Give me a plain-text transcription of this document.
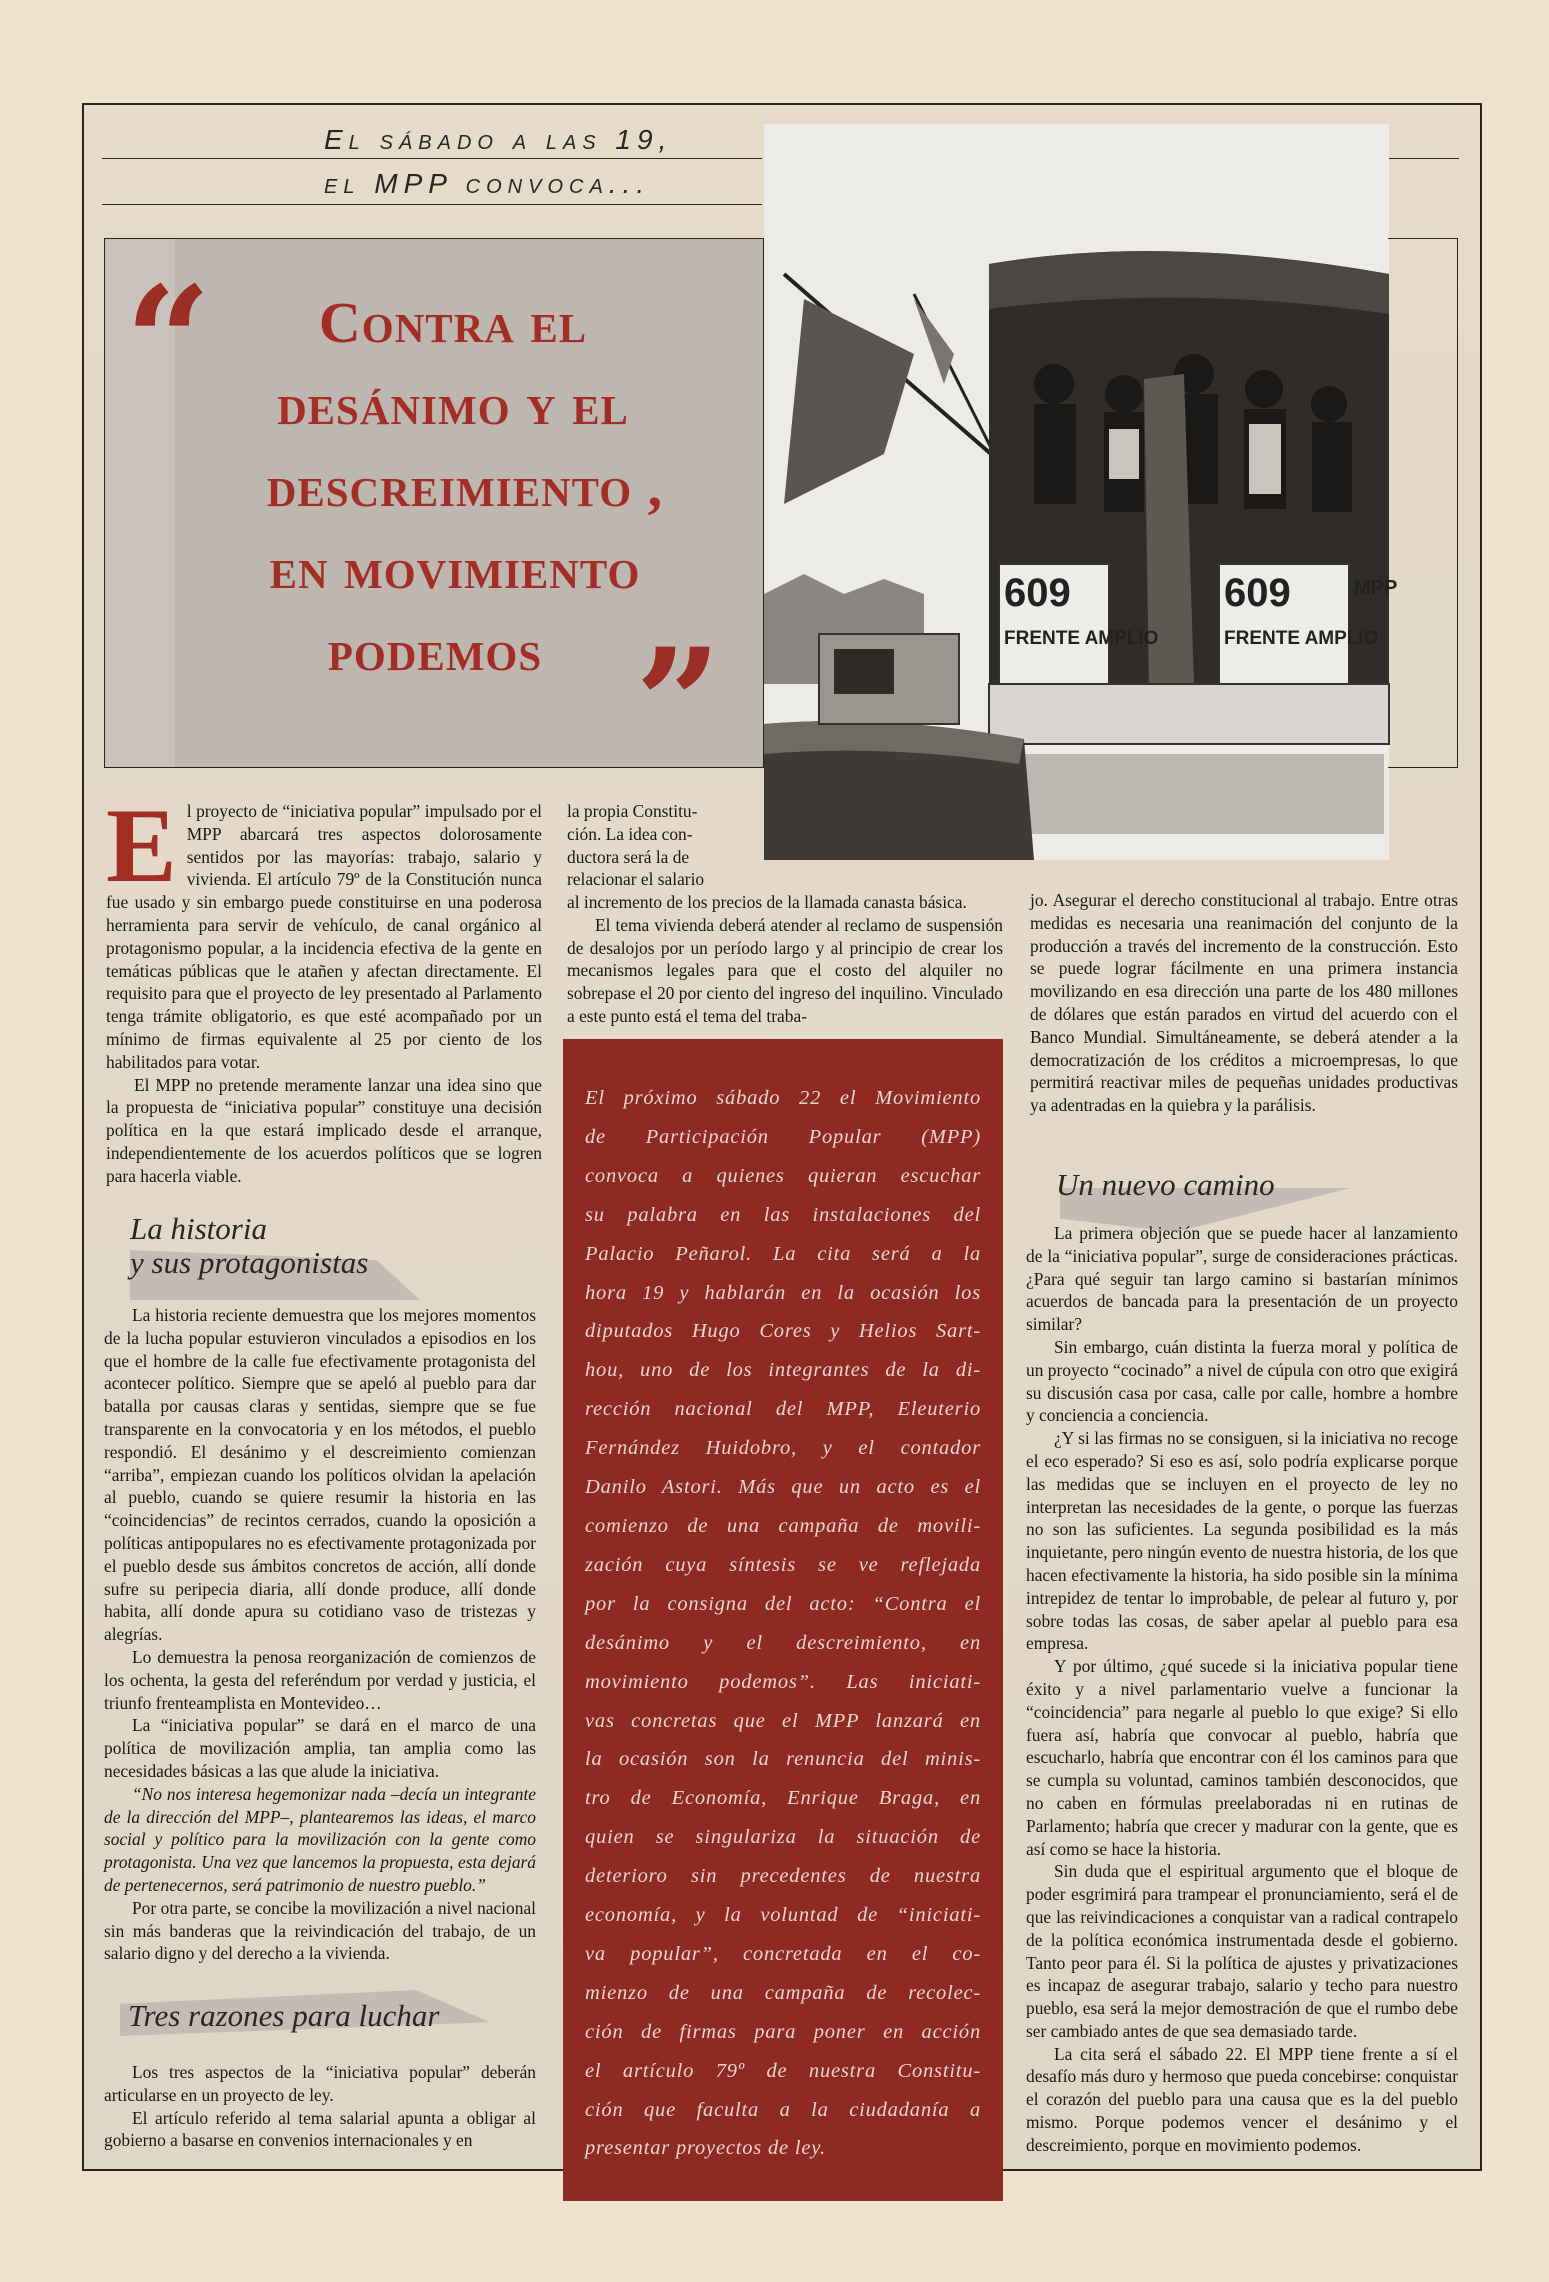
El sábado a las 19,
el MPP convoca...
“	Contra el
desánimo y el
descreimiento ,
en movimiento
podemos ”
609
FRENTE AMPLIO
609
FRENTE AMPLIO
MPP

El proyecto de “iniciativa popular” impulsado por el MPP abarcará tres aspectos dolorosamente sentidos por las mayorías: trabajo, salario y vivienda. El artículo 79º de la Constitución nunca fue usado y sin embargo puede constituirse en una poderosa herramienta para servir de vehículo, de canal orgánico al protagonismo popular, a la incidencia efectiva de la gente en temáticas públicas que le atañen y afectan directamente. El requisito para que el proyecto de ley presentado al Parlamento tenga trámite obligatorio, es que esté acompañado por un mínimo de firmas equivalente al 25 por ciento de los habilitados para votar.

El MPP no pretende meramente lanzar una idea sino que la propuesta de “iniciativa popular” constituye una decisión política en la que estará implicado desde el arranque, independientemente de los acuerdos políticos que se logren para hacerla viable.

La historia
y sus protagonistas

La historia reciente demuestra que los mejores momentos de la lucha popular estuvieron vinculados a episodios en los que el hombre de la calle fue efectivamente protagonista del acontecer político. Siempre que se apeló al pueblo para dar batalla por causas claras y sentidas, siempre que se fue transparente en la convocatoria y en los métodos, el pueblo respondió. El desánimo y el descreimiento comienzan “arriba”, empiezan cuando los políticos olvidan la apelación al pueblo, cuando se quiere resumir la historia en las “coincidencias” de recintos cerrados, cuando la oposición a políticas antipopulares no es efectivamente protagonizada por el pueblo desde sus ámbitos concretos de acción, allí donde sufre su peripecia diaria, allí donde produce, allí donde habita, allí donde apura su cotidiano vaso de tristezas y alegrías.

Lo demuestra la penosa reorganización de comienzos de los ochenta, la gesta del referéndum por verdad y justicia, el triunfo frenteamplista en Montevideo…

La “iniciativa popular” se dará en el marco de una política de movilización amplia, tan amplia como las necesidades básicas a las que alude la iniciativa.

“No nos interesa hegemonizar nada –decía un integrante de la dirección del MPP–, plantearemos las ideas, el marco social y político para la movilización con la gente como protagonista. Una vez que lancemos la propuesta, esta dejará de pertenecernos, será patrimonio de nuestro pueblo.”

Por otra parte, se concibe la movilización a nivel nacional sin más banderas que la reivindicación del trabajo, de un salario digno y del derecho a la vivienda.

Tres razones para luchar

Los tres aspectos de la “iniciativa popular” deberán articularse en un proyecto de ley.

El artículo referido al tema salarial apunta a obligar al gobierno a basarse en convenios internacionales y en

la propia Constitu-
ción. La idea con-
ductora será la de
relacionar el salario

al incremento de los precios de la llamada canasta básica.

El tema vivienda deberá atender al reclamo de suspensión de desalojos por un período largo y al principio de crear los mecanismos legales para que el costo del alquiler no sobrepase el 20 por ciento del ingreso del inquilino. Vinculado a este punto está el tema del traba-

El próximo sábado 22 el Movimiento
de Participación Popular (MPP)
convoca a quienes quieran escuchar
su palabra en las instalaciones del
Palacio Peñarol. La cita será a la
hora 19 y hablarán en la ocasión los
diputados Hugo Cores y Helios Sart-
hou, uno de los integrantes de la di-
rección nacional del MPP, Eleuterio
Fernández Huidobro, y el contador
Danilo Astori. Más que un acto es el
comienzo de una campaña de movili-
zación cuya síntesis se ve reflejada
por la consigna del acto: “Contra el
desánimo y el descreimiento, en
movimiento podemos”. Las iniciati-
vas concretas que el MPP lanzará en
la ocasión son la renuncia del minis-
tro de Economía, Enrique Braga, en
quien se singulariza la situación de
deterioro sin precedentes de nuestra
economía, y la voluntad de “iniciati-
va popular”, concretada en el co-
mienzo de una campaña de recolec-
ción de firmas para poner en acción
el artículo 79º de nuestra Constitu-
ción que faculta a la ciudadanía a
presentar proyectos de ley.

jo. Asegurar el derecho constitucional al trabajo. Entre otras medidas es necesaria una reanimación del conjunto de la producción a través del incremento de la construcción. Esto se puede lograr fácilmente en una primera instancia movilizando en esa dirección una parte de los 480 millones de dólares que están parados en virtud del acuerdo con el Banco Mundial. Simultáneamente, se deberá atender a la democratización de los créditos a microempresas, lo que permitirá reactivar miles de pequeñas unidades productivas ya adentradas en la quiebra y la parálisis.

Un nuevo camino

La primera objeción que se puede hacer al lanzamiento de la “iniciativa popular”, surge de consideraciones prácticas. ¿Para qué seguir tan largo camino si bastarían mínimos acuerdos de bancada para la presentación de un proyecto similar?

Sin embargo, cuán distinta la fuerza moral y política de un proyecto “cocinado” a nivel de cúpula con otro que exigirá su discusión casa por casa, calle por calle, hombre a hombre y conciencia a conciencia.

¿Y si las firmas no se consiguen, si la iniciativa no recoge el eco esperado? Si eso es así, solo podría explicarse porque las medidas que se incluyen en el proyecto de ley no interpretan las necesidades de la gente, o porque las fuerzas no son las suficientes. La segunda posibilidad es la más inquietante, pero ningún evento de nuestra historia, de los que hacen efectivamente la historia, ha sido posible sin la mínima intrepidez de tentar lo improbable, de pelear al futuro y, por sobre todas las cosas, de saber apelar al pueblo para esa empresa.

Y por último, ¿qué sucede si la iniciativa popular tiene éxito y a nivel parlamentario vuelve a funcionar la “coincidencia” para negarle al pueblo lo que exige? Si ello fuera así, habría que convocar al pueblo, habría que escucharlo, habría que encontrar con él los caminos para que se cumpla su voluntad, caminos también desconocidos, que no caben en fórmulas preelaboradas ni en rutinas de Parlamento; habría que crecer y madurar con la gente, que es así como se hace la historia.

Sin duda que el espiritual argumento que el bloque de poder esgrimirá para trampear el pronunciamiento, será el de que las reivindicaciones a conquistar van a radical contrapelo de la política económica instrumentada desde el gobierno. Tanto peor para él. Si la política de ajustes y privatizaciones es incapaz de asegurar trabajo, salario y techo para nuestro pueblo, esa será la mejor demostración de que el rumbo debe ser cambiado antes de que sea demasiado tarde.

La cita será el sábado 22. El MPP tiene frente a sí el desafío más duro y hermoso que pueda concebirse: conquistar el corazón del pueblo para una causa que es la del pueblo mismo. Porque podemos vencer el desánimo y el descreimiento, porque en movimiento podemos.
